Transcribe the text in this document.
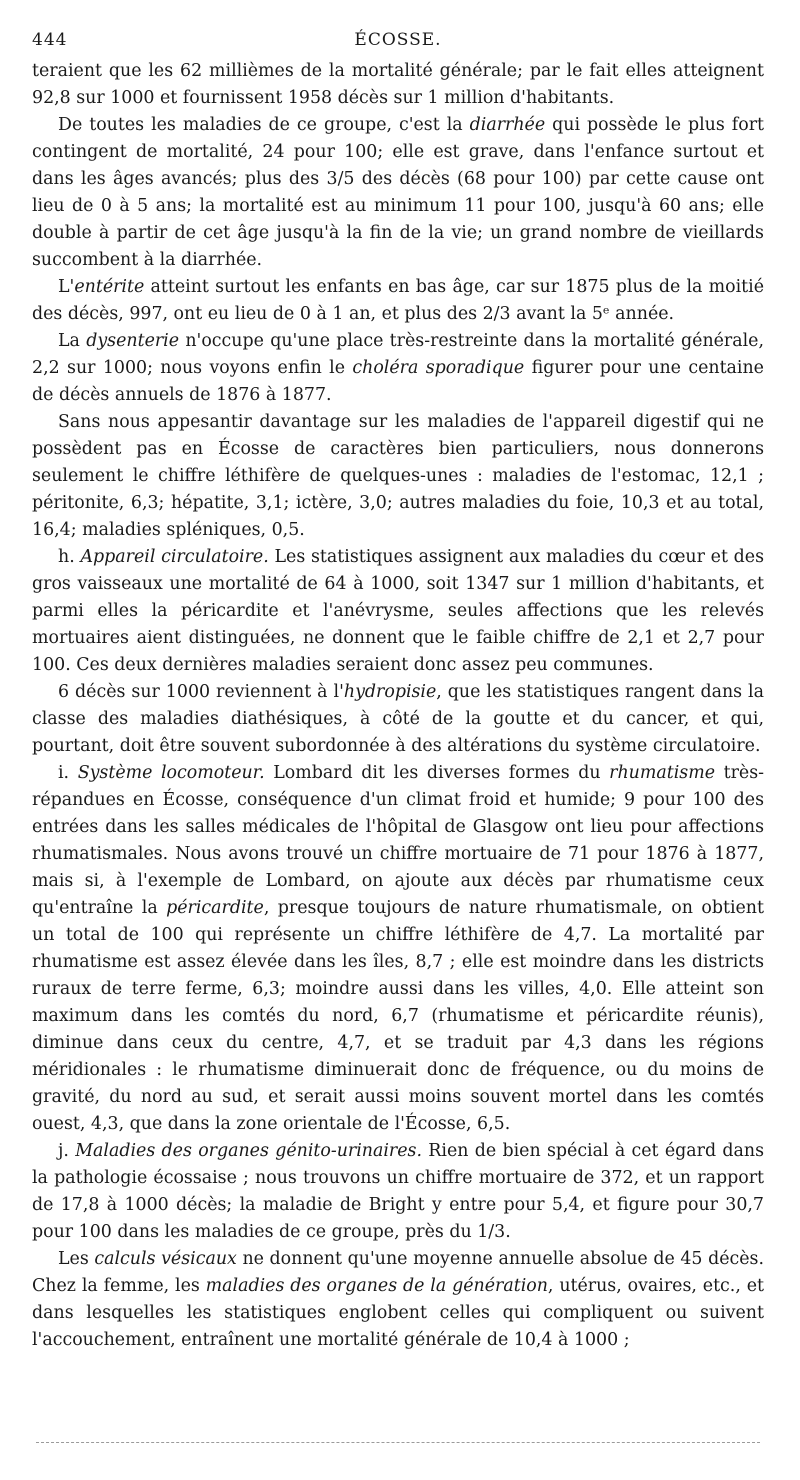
444	ÉCOSSE.

teraient que les 62 millièmes de la mortalité générale; par le fait elles atteignent 92,8 sur 1000 et fournissent 1958 décès sur 1 million d'habitants.

De toutes les maladies de ce groupe, c'est la diarrhée qui possède le plus fort contingent de mortalité, 24 pour 100; elle est grave, dans l'enfance surtout et dans les âges avancés; plus des 3/5 des décès (68 pour 100) par cette cause ont lieu de 0 à 5 ans; la mortalité est au minimum 11 pour 100, jusqu'à 60 ans; elle double à partir de cet âge jusqu'à la fin de la vie; un grand nombre de vieillards succombent à la diarrhée.

L'entérite atteint surtout les enfants en bas âge, car sur 1875 plus de la moitié des décès, 997, ont eu lieu de 0 à 1 an, et plus des 2/3 avant la 5ᵉ année.

La dysenterie n'occupe qu'une place très-restreinte dans la mortalité générale, 2,2 sur 1000; nous voyons enfin le choléra sporadique figurer pour une centaine de décès annuels de 1876 à 1877.

Sans nous appesantir davantage sur les maladies de l'appareil digestif qui ne possèdent pas en Écosse de caractères bien particuliers, nous donnerons seulement le chiffre léthifère de quelques-unes : maladies de l'estomac, 12,1 ; péritonite, 6,3; hépatite, 3,1; ictère, 3,0; autres maladies du foie, 10,3 et au total, 16,4; maladies spléniques, 0,5.

h. Appareil circulatoire. Les statistiques assignent aux maladies du cœur et des gros vaisseaux une mortalité de 64 à 1000, soit 1347 sur 1 million d'habitants, et parmi elles la péricardite et l'anévrysme, seules affections que les relevés mortuaires aient distinguées, ne donnent que le faible chiffre de 2,1 et 2,7 pour 100. Ces deux dernières maladies seraient donc assez peu communes.

6 décès sur 1000 reviennent à l'hydropisie, que les statistiques rangent dans la classe des maladies diathésiques, à côté de la goutte et du cancer, et qui, pourtant, doit être souvent subordonnée à des altérations du système circulatoire.

i. Système locomoteur. Lombard dit les diverses formes du rhumatisme très-répandues en Écosse, conséquence d'un climat froid et humide; 9 pour 100 des entrées dans les salles médicales de l'hôpital de Glasgow ont lieu pour affections rhumatismales. Nous avons trouvé un chiffre mortuaire de 71 pour 1876 à 1877, mais si, à l'exemple de Lombard, on ajoute aux décès par rhumatisme ceux qu'entraîne la péricardite, presque toujours de nature rhumatismale, on obtient un total de 100 qui représente un chiffre léthifère de 4,7. La mortalité par rhumatisme est assez élevée dans les îles, 8,7 ; elle est moindre dans les districts ruraux de terre ferme, 6,3; moindre aussi dans les villes, 4,0. Elle atteint son maximum dans les comtés du nord, 6,7 (rhumatisme et péricardite réunis), diminue dans ceux du centre, 4,7, et se traduit par 4,3 dans les régions méridionales : le rhumatisme diminuerait donc de fréquence, ou du moins de gravité, du nord au sud, et serait aussi moins souvent mortel dans les comtés ouest, 4,3, que dans la zone orientale de l'Écosse, 6,5.

j. Maladies des organes génito-urinaires. Rien de bien spécial à cet égard dans la pathologie écossaise ; nous trouvons un chiffre mortuaire de 372, et un rapport de 17,8 à 1000 décès; la maladie de Bright y entre pour 5,4, et figure pour 30,7 pour 100 dans les maladies de ce groupe, près du 1/3.

Les calculs vésicaux ne donnent qu'une moyenne annuelle absolue de 45 décès. Chez la femme, les maladies des organes de la génération, utérus, ovaires, etc., et dans lesquelles les statistiques englobent celles qui compliquent ou suivent l'accouchement, entraînent une mortalité générale de 10,4 à 1000 ;
